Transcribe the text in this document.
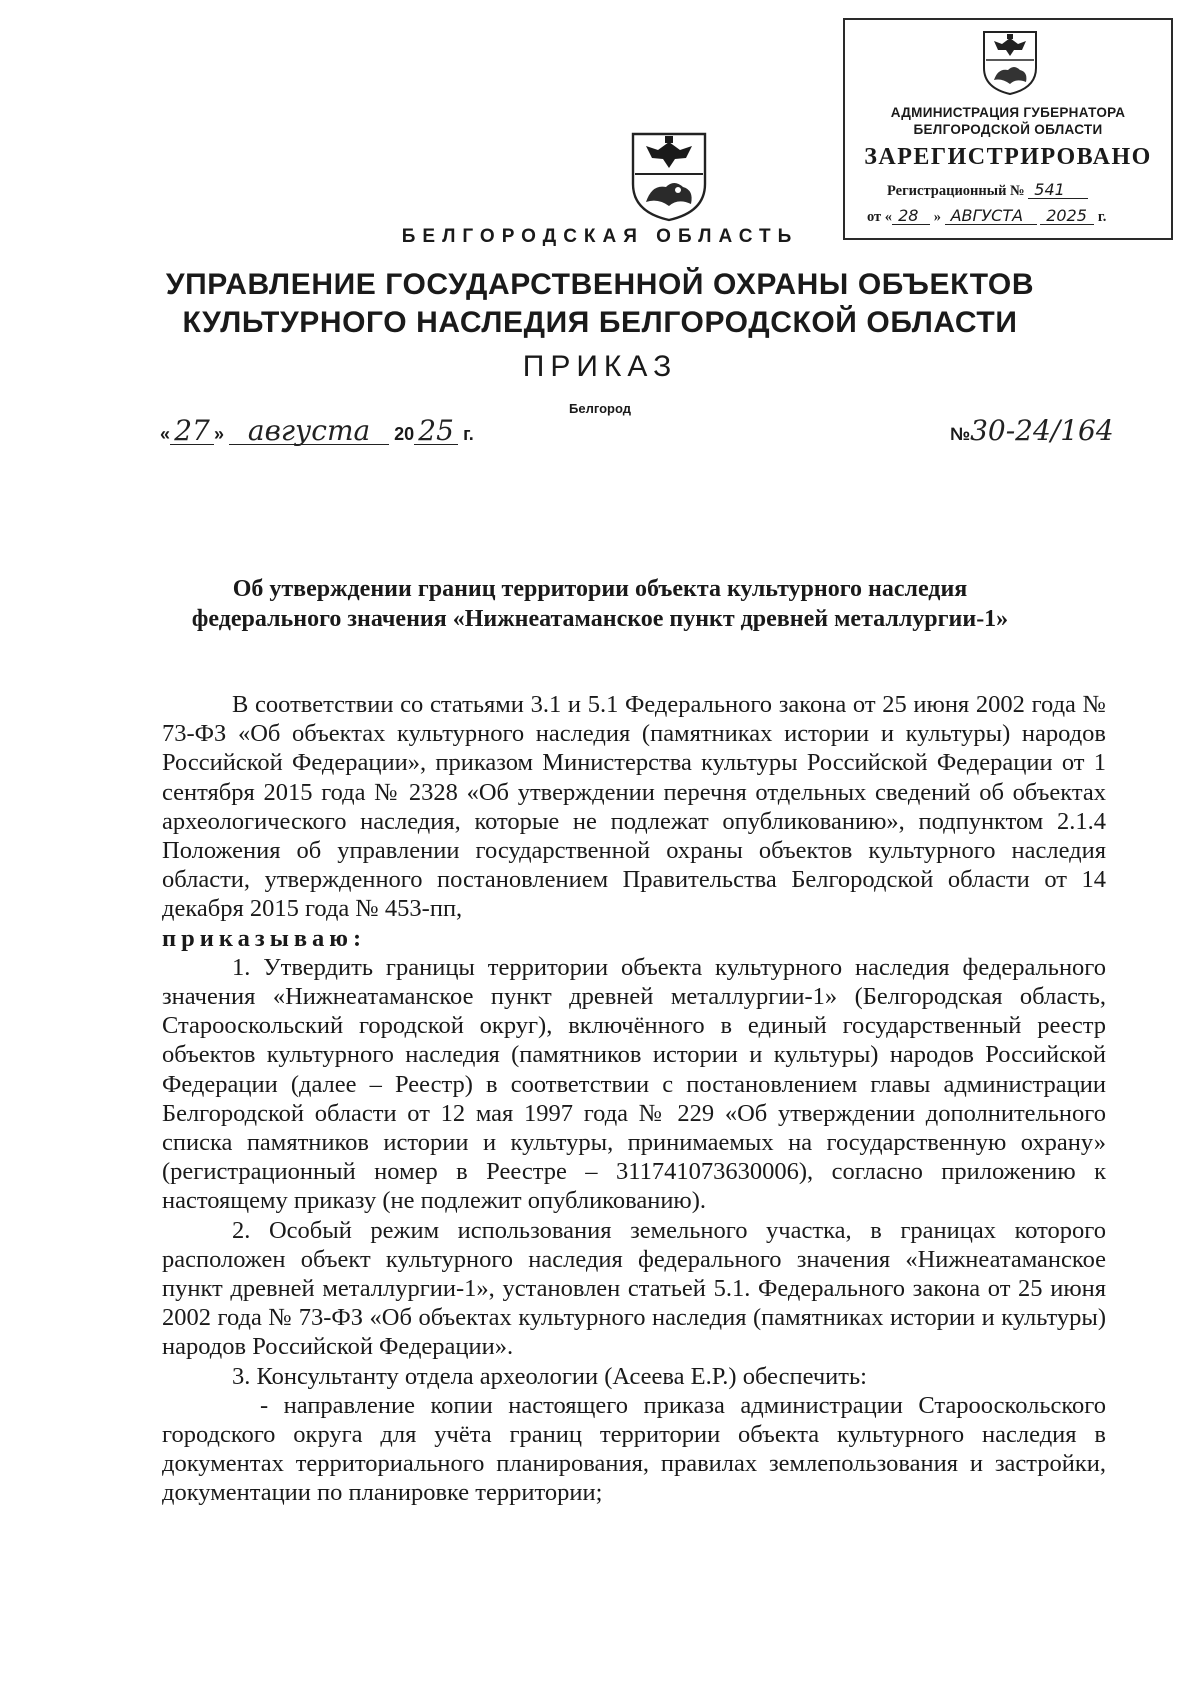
АДМИНИСТРАЦИЯ ГУБЕРНАТОРА
БЕЛГОРОДСКОЙ ОБЛАСТИ
ЗАРЕГИСТРИРОВАНО
Регистрационный № 541
от « 28 » АВГУСТА 2025 г.
БЕЛГОРОДСКАЯ ОБЛАСТЬ
УПРАВЛЕНИЕ ГОСУДАРСТВЕННОЙ ОХРАНЫ ОБЪЕКТОВ
КУЛЬТУРНОГО НАСЛЕДИЯ БЕЛГОРОДСКОЙ ОБЛАСТИ
ПРИКАЗ
Белгород
« 27 » августа 20 25 г.	№30-24/164
Об утверждении границ территории объекта культурного наследия
федерального значения «Нижнеатаманское пункт древней металлургии-1»

В соответствии со статьями 3.1 и 5.1 Федерального закона от 25 июня 2002 года № 73-ФЗ «Об объектах культурного наследия (памятниках истории и культуры) народов Российской Федерации», приказом Министерства культуры Российской Федерации от 1 сентября 2015 года № 2328 «Об утверждении перечня отдельных сведений об объектах археологического наследия, которые не подлежат опубликованию», подпунктом 2.1.4 Положения об управлении государственной охраны объектов культурного наследия области, утвержденного постановлением Правительства Белгородской области от 14 декабря 2015 года № 453-пп,

приказываю:

1. Утвердить границы территории объекта культурного наследия федерального значения «Нижнеатаманское пункт древней металлургии-1» (Белгородская область, Старооскольский городской округ), включённого в единый государственный реестр объектов культурного наследия (памятников истории и культуры) народов Российской Федерации (далее – Реестр) в соответствии с постановлением главы администрации Белгородской области от 12 мая 1997 года № 229 «Об утверждении дополнительного списка памятников истории и культуры, принимаемых на государственную охрану» (регистрационный номер в Реестре – 311741073630006), согласно приложению к настоящему приказу (не подлежит опубликованию).

2. Особый режим использования земельного участка, в границах которого расположен объект культурного наследия федерального значения «Нижнеатаманское пункт древней металлургии-1», установлен статьей 5.1. Федерального закона от 25 июня 2002 года № 73-ФЗ «Об объектах культурного наследия (памятниках истории и культуры) народов Российской Федерации».

3. Консультанту отдела археологии (Асеева Е.Р.) обеспечить:

- направление копии настоящего приказа администрации Старооскольского городского округа для учёта границ территории объекта культурного наследия в документах территориального планирования, правилах землепользования и застройки, документации по планировке территории;
